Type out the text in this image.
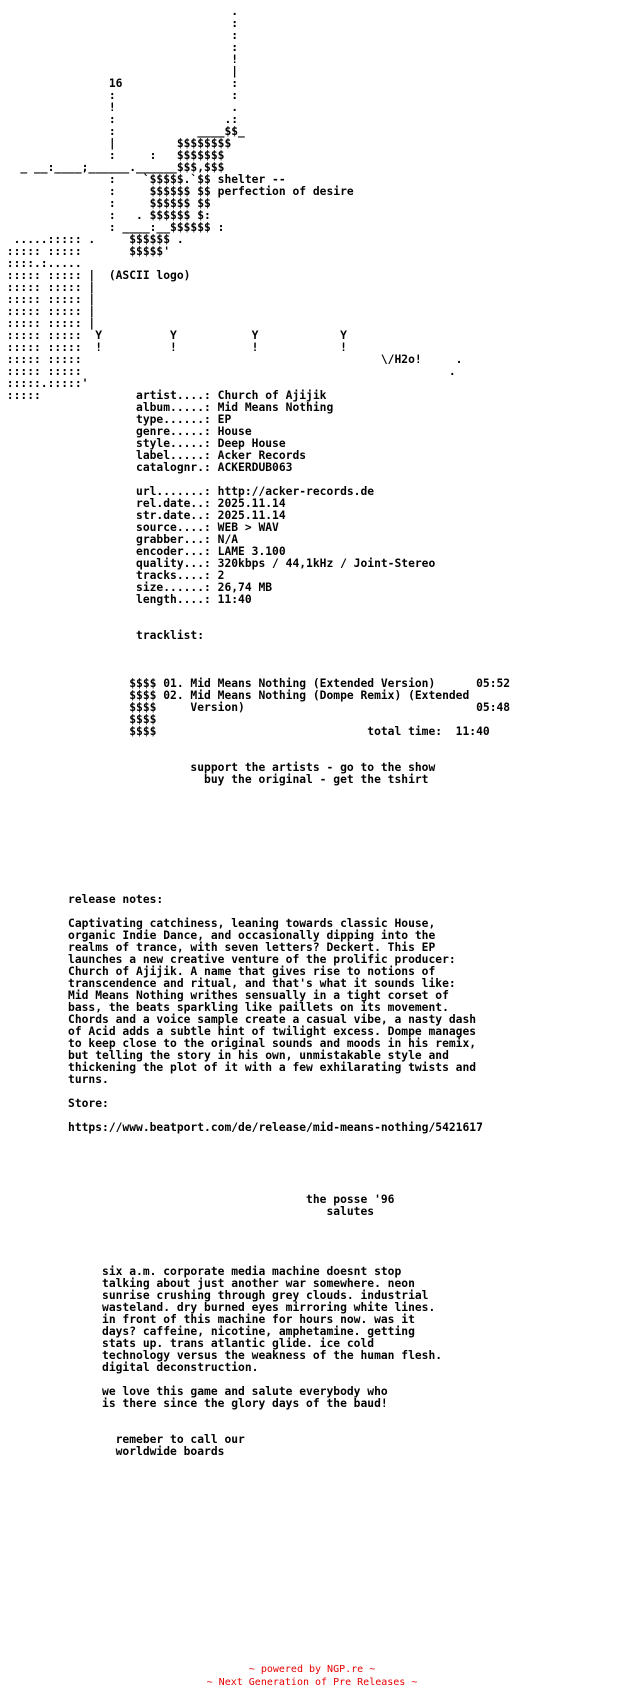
.
:
:
:
!
|
16                :
:                 :
!                 .
:                .:
:            ____$$_
|         $$$$$$$$
:     :   $$$$$$$
_ __:____;______.______$$$,$$$
:    `$$$$$.`$$ shelter --
:     $$$$$$ $$ perfection of desire
:     $$$$$$ $$
:   . $$$$$$ $:
: ____:__$$$$$$ :
.....::::: .     $$$$$$ .
::::: :::::       $$$$$'
::::.:.....
::::: ::::: |  (ASCII logo)
::::: ::::: |
::::: ::::: |
::::: ::::: |
::::: ::::: |
::::: :::::  Y          Y           Y            Y
::::: :::::  !          !           !            !
::::: :::::                                            \/H2o!     .
::::: :::::                                                      .
:::::.:::::'
:::::              artist....: Church of Ajijik
album.....: Mid Means Nothing
type......: EP
genre.....: House
style.....: Deep House
label.....: Acker Records
catalognr.: ACKERDUB063

url.......: http://acker-records.de
rel.date..: 2025.11.14
str.date..: 2025.11.14
source....: WEB > WAV
grabber...: N/A
encoder...: LAME 3.100
quality...: 320kbps / 44,1kHz / Joint-Stereo
tracks....: 2
size......: 26,74 MB
length....: 11:40

tracklist:

$$$$ 01. Mid Means Nothing (Extended Version)      05:52
$$$$ 02. Mid Means Nothing (Dompe Remix) (Extended
$$$$     Version)                                  05:48
$$$$
$$$$                               total time:  11:40

support the artists - go to the show
buy the original - get the tshirt

release notes:

Captivating catchiness, leaning towards classic House,
organic Indie Dance, and occasionally dipping into the
realms of trance, with seven letters? Deckert. This EP
launches a new creative venture of the prolific producer:
Church of Ajijik. A name that gives rise to notions of
transcendence and ritual, and that's what it sounds like:
Mid Means Nothing writhes sensually in a tight corset of
bass, the beats sparkling like paillets on its movement.
Chords and a voice sample create a casual vibe, a nasty dash
of Acid adds a subtle hint of twilight excess. Dompe manages
to keep close to the original sounds and moods in his remix,
but telling the story in his own, unmistakable style and
thickening the plot of it with a few exhilarating twists and
turns.

Store:

https://www.beatport.com/de/release/mid-means-nothing/5421617

the posse '96
salutes

six a.m. corporate media machine doesnt stop
talking about just another war somewhere. neon
sunrise crushing through grey clouds. industrial
wasteland. dry burned eyes mirroring white lines.
in front of this machine for hours now. was it
days? caffeine, nicotine, amphetamine. getting
stats up. trans atlantic glide. ice cold
technology versus the weakness of the human flesh.
digital deconstruction.

we love this game and salute everybody who
is there since the glory days of the baud!

remeber to call our
worldwide boards

~ powered by NGP.re ~
~ Next Generation of Pre Releases ~
